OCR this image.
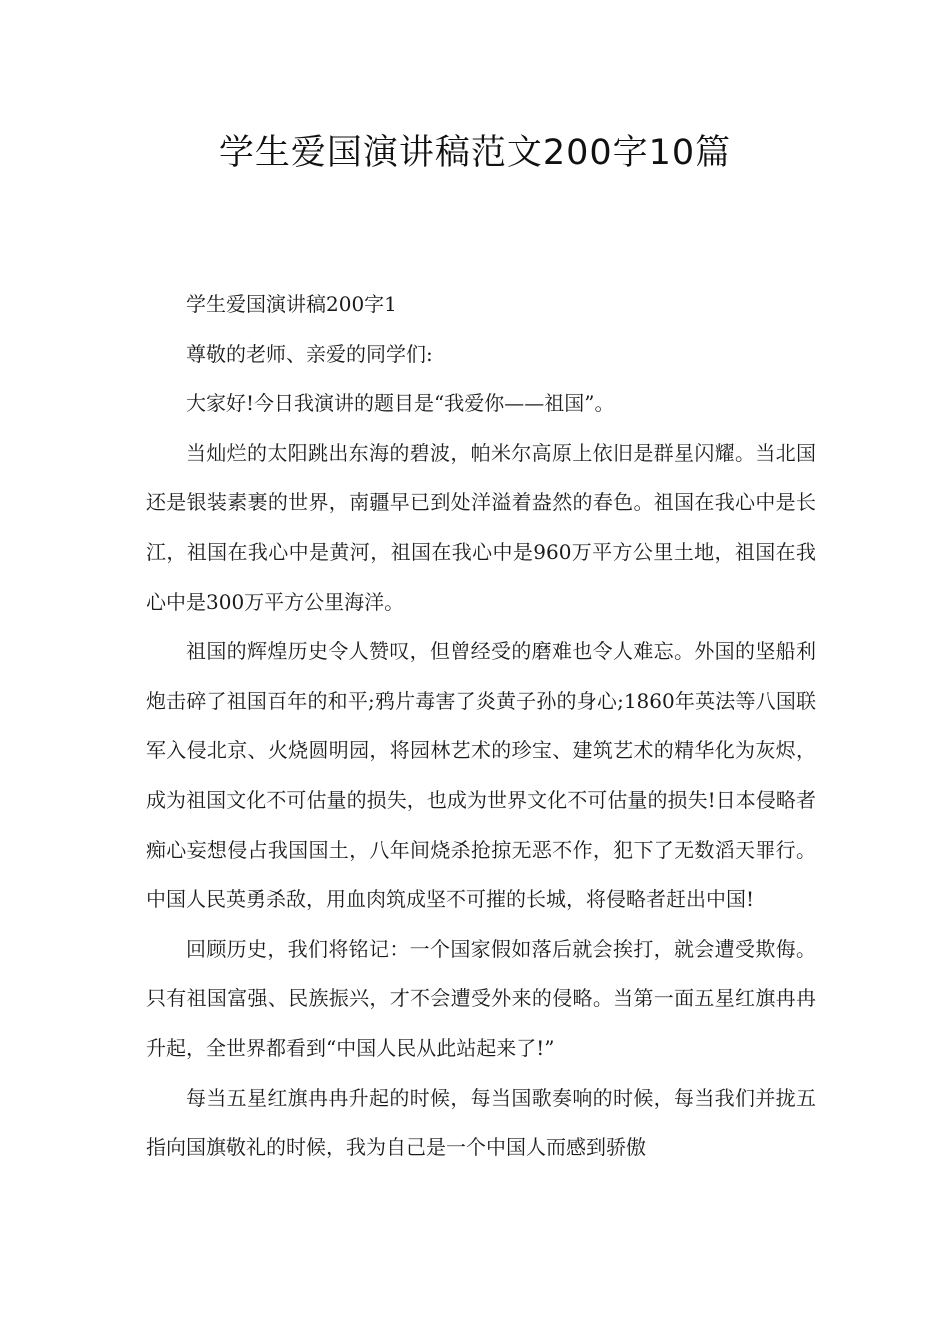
学生爱国演讲稿范文200字10篇

学生爱国演讲稿200字1

尊敬的老师、亲爱的同学们:

大家好!今日我演讲的题目是“我爱你——祖国”。

当灿烂的太阳跳出东海的碧波，帕米尔高原上依旧是群星闪耀。当北国还是银装素裹的世界，南疆早已到处洋溢着盎然的春色。祖国在我心中是长江，祖国在我心中是黄河，祖国在我心中是960万平方公里土地，祖国在我心中是300万平方公里海洋。

祖国的辉煌历史令人赞叹，但曾经受的磨难也令人难忘。外国的坚船利炮击碎了祖国百年的和平;鸦片毒害了炎黄子孙的身心;1860年英法等八国联军入侵北京、火烧圆明园，将园林艺术的珍宝、建筑艺术的精华化为灰烬，成为祖国文化不可估量的损失，也成为世界文化不可估量的损失!日本侵略者痴心妄想侵占我国国土，八年间烧杀抢掠无恶不作，犯下了无数滔天罪行。中国人民英勇杀敌，用血肉筑成坚不可摧的长城，将侵略者赶出中国!

回顾历史，我们将铭记：一个国家假如落后就会挨打，就会遭受欺侮。只有祖国富强、民族振兴，才不会遭受外来的侵略。当第一面五星红旗冉冉升起，全世界都看到“中国人民从此站起来了!”

每当五星红旗冉冉升起的时候，每当国歌奏响的时候，每当我们并拢五指向国旗敬礼的时候，我为自己是一个中国人而感到骄傲
